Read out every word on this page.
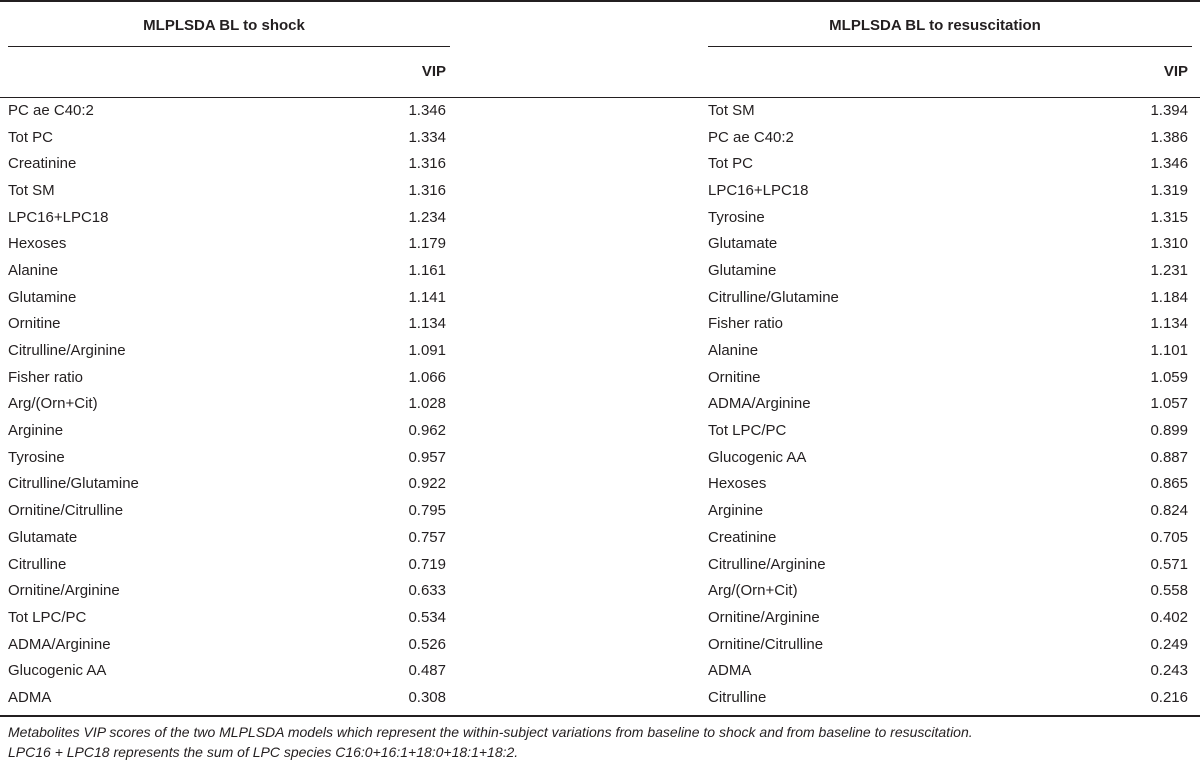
MLPLSDA BL to shock
VIP
PC ae C40:2	1.346
Tot PC	1.334
Creatinine	1.316
Tot SM	1.316
LPC16+LPC18	1.234
Hexoses	1.179
Alanine	1.161
Glutamine	1.141
Ornitine	1.134
Citrulline/Arginine	1.091
Fisher ratio	1.066
Arg/(Orn+Cit)	1.028
Arginine	0.962
Tyrosine	0.957
Citrulline/Glutamine	0.922
Ornitine/Citrulline	0.795
Glutamate	0.757
Citrulline	0.719
Ornitine/Arginine	0.633
Tot LPC/PC	0.534
ADMA/Arginine	0.526
Glucogenic AA	0.487
ADMA	0.308
MLPLSDA BL to resuscitation
VIP
Tot SM	1.394
PC ae C40:2	1.386
Tot PC	1.346
LPC16+LPC18	1.319
Tyrosine	1.315
Glutamate	1.310
Glutamine	1.231
Citrulline/Glutamine	1.184
Fisher ratio	1.134
Alanine	1.101
Ornitine	1.059
ADMA/Arginine	1.057
Tot LPC/PC	0.899
Glucogenic AA	0.887
Hexoses	0.865
Arginine	0.824
Creatinine	0.705
Citrulline/Arginine	0.571
Arg/(Orn+Cit)	0.558
Ornitine/Arginine	0.402
Ornitine/Citrulline	0.249
ADMA	0.243
Citrulline	0.216
Metabolites VIP scores of the two MLPLSDA models which represent the within-subject variations from baseline to shock and from baseline to resuscitation.
LPC16 + LPC18 represents the sum of LPC species C16:0+16:1+18:0+18:1+18:2.
